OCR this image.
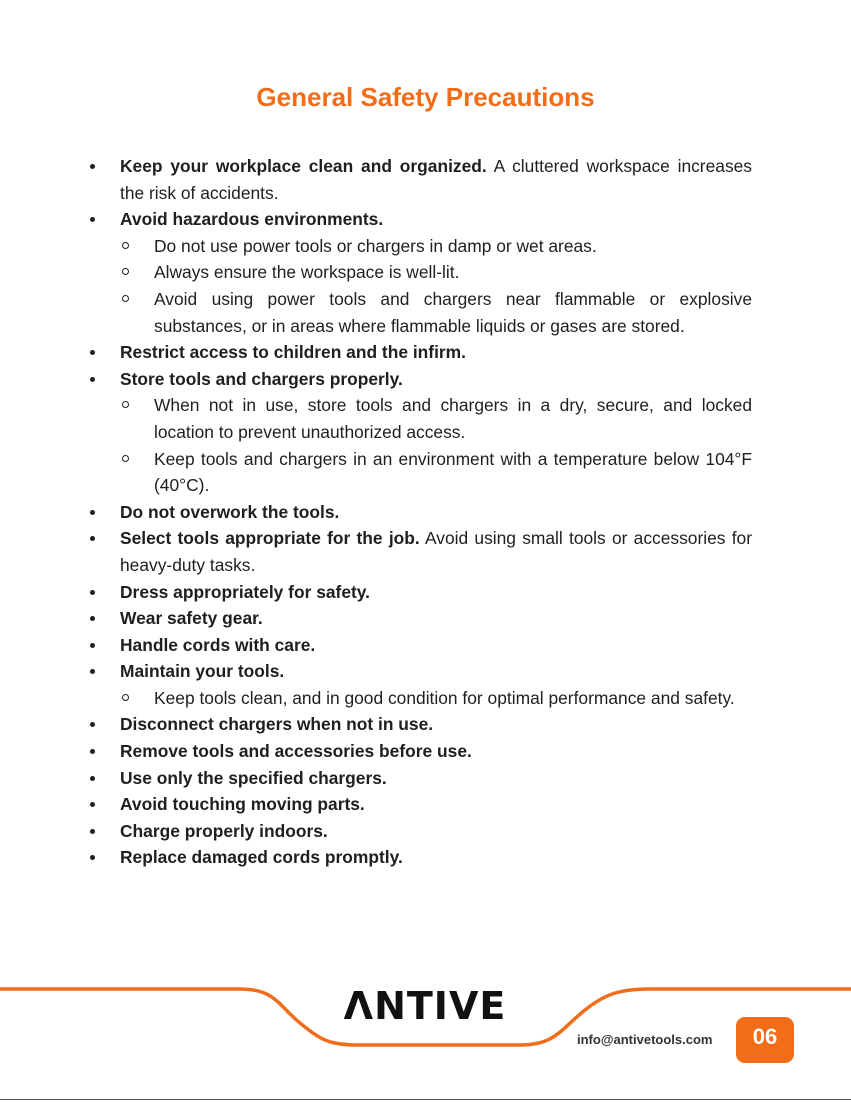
General Safety Precautions
Keep your workplace clean and organized. A cluttered workspace increases the risk of accidents.
Avoid hazardous environments.
Do not use power tools or chargers in damp or wet areas.
Always ensure the workspace is well-lit.
Avoid using power tools and chargers near flammable or explosive substances, or in areas where flammable liquids or gases are stored.
Restrict access to children and the infirm.
Store tools and chargers properly.
When not in use, store tools and chargers in a dry, secure, and locked location to prevent unauthorized access.
Keep tools and chargers in an environment with a temperature below 104°F (40°C).
Do not overwork the tools.
Select tools appropriate for the job. Avoid using small tools or accessories for heavy-duty tasks.
Dress appropriately for safety.
Wear safety gear.
Handle cords with care.
Maintain your tools.
Keep tools clean, and in good condition for optimal performance and safety.
Disconnect chargers when not in use.
Remove tools and accessories before use.
Use only the specified chargers.
Avoid touching moving parts.
Charge properly indoors.
Replace damaged cords promptly.
ΛNTIVE
info@antivetools.com	06
